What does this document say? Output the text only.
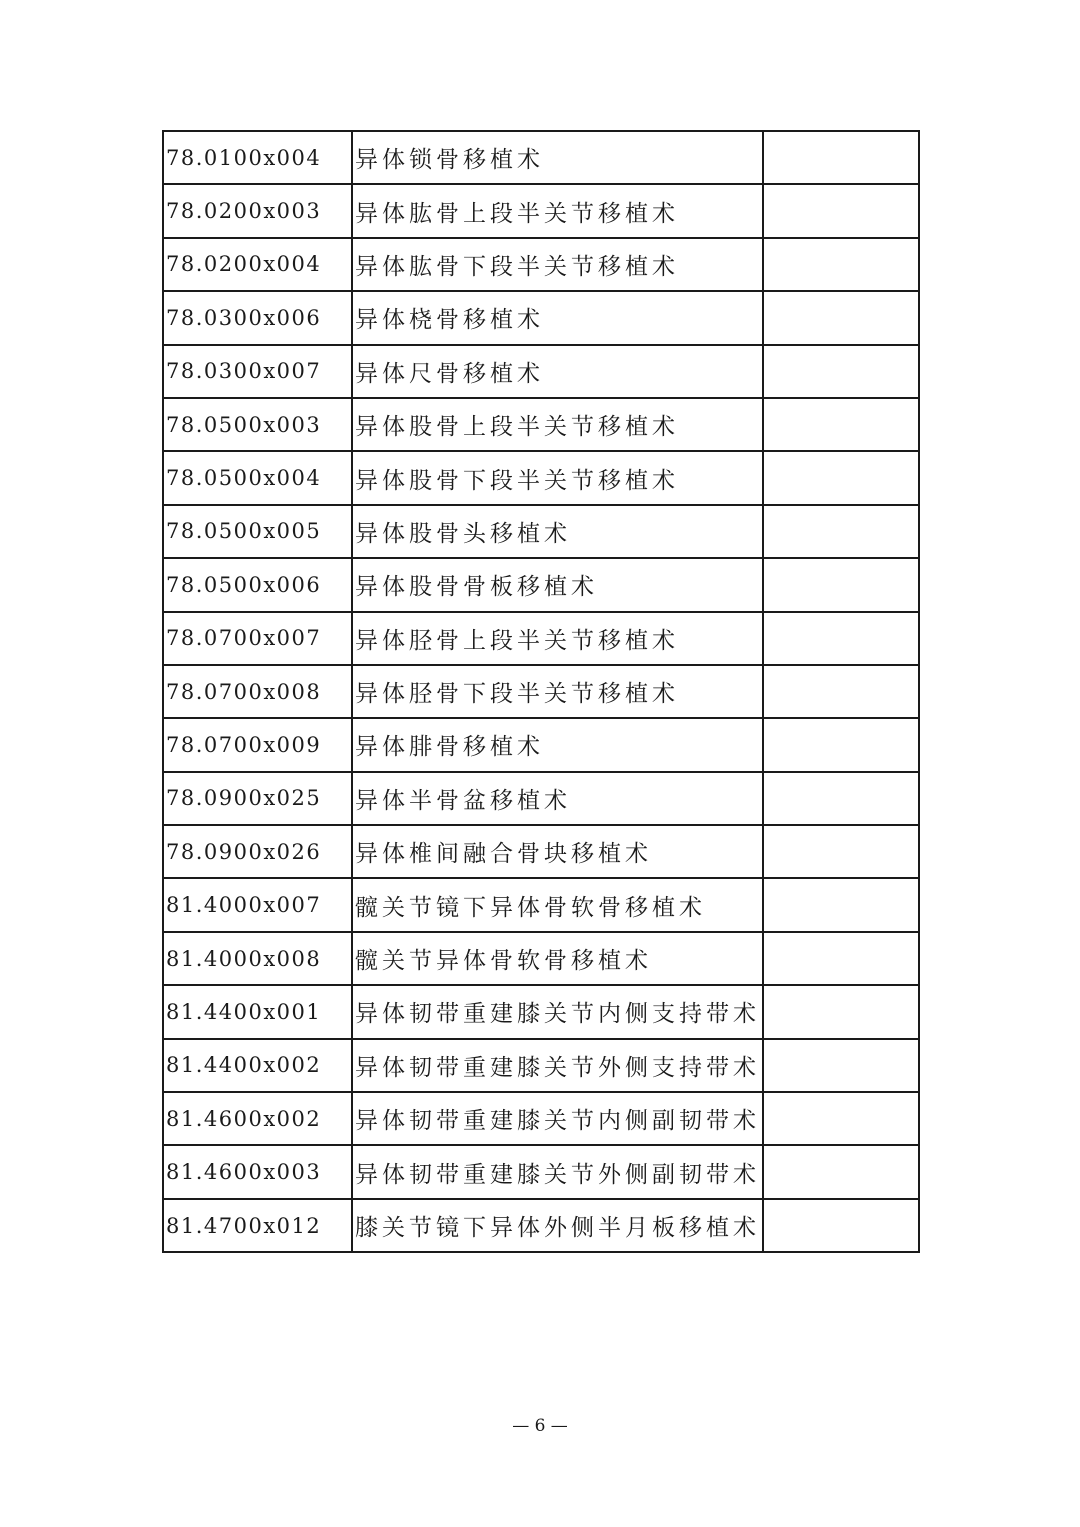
78.0100x004	异体锁骨移植术	
78.0200x003	异体肱骨上段半关节移植术	
78.0200x004	异体肱骨下段半关节移植术	
78.0300x006	异体桡骨移植术	
78.0300x007	异体尺骨移植术	
78.0500x003	异体股骨上段半关节移植术	
78.0500x004	异体股骨下段半关节移植术	
78.0500x005	异体股骨头移植术	
78.0500x006	异体股骨骨板移植术	
78.0700x007	异体胫骨上段半关节移植术	
78.0700x008	异体胫骨下段半关节移植术	
78.0700x009	异体腓骨移植术	
78.0900x025	异体半骨盆移植术	
78.0900x026	异体椎间融合骨块移植术	
81.4000x007	髋关节镜下异体骨软骨移植术	
81.4000x008	髋关节异体骨软骨移植术	
81.4400x001	异体韧带重建膝关节内侧支持带术	
81.4400x002	异体韧带重建膝关节外侧支持带术	
81.4600x002	异体韧带重建膝关节内侧副韧带术	
81.4600x003	异体韧带重建膝关节外侧副韧带术	
81.4700x012	膝关节镜下异体外侧半月板移植术	
— 6 —
